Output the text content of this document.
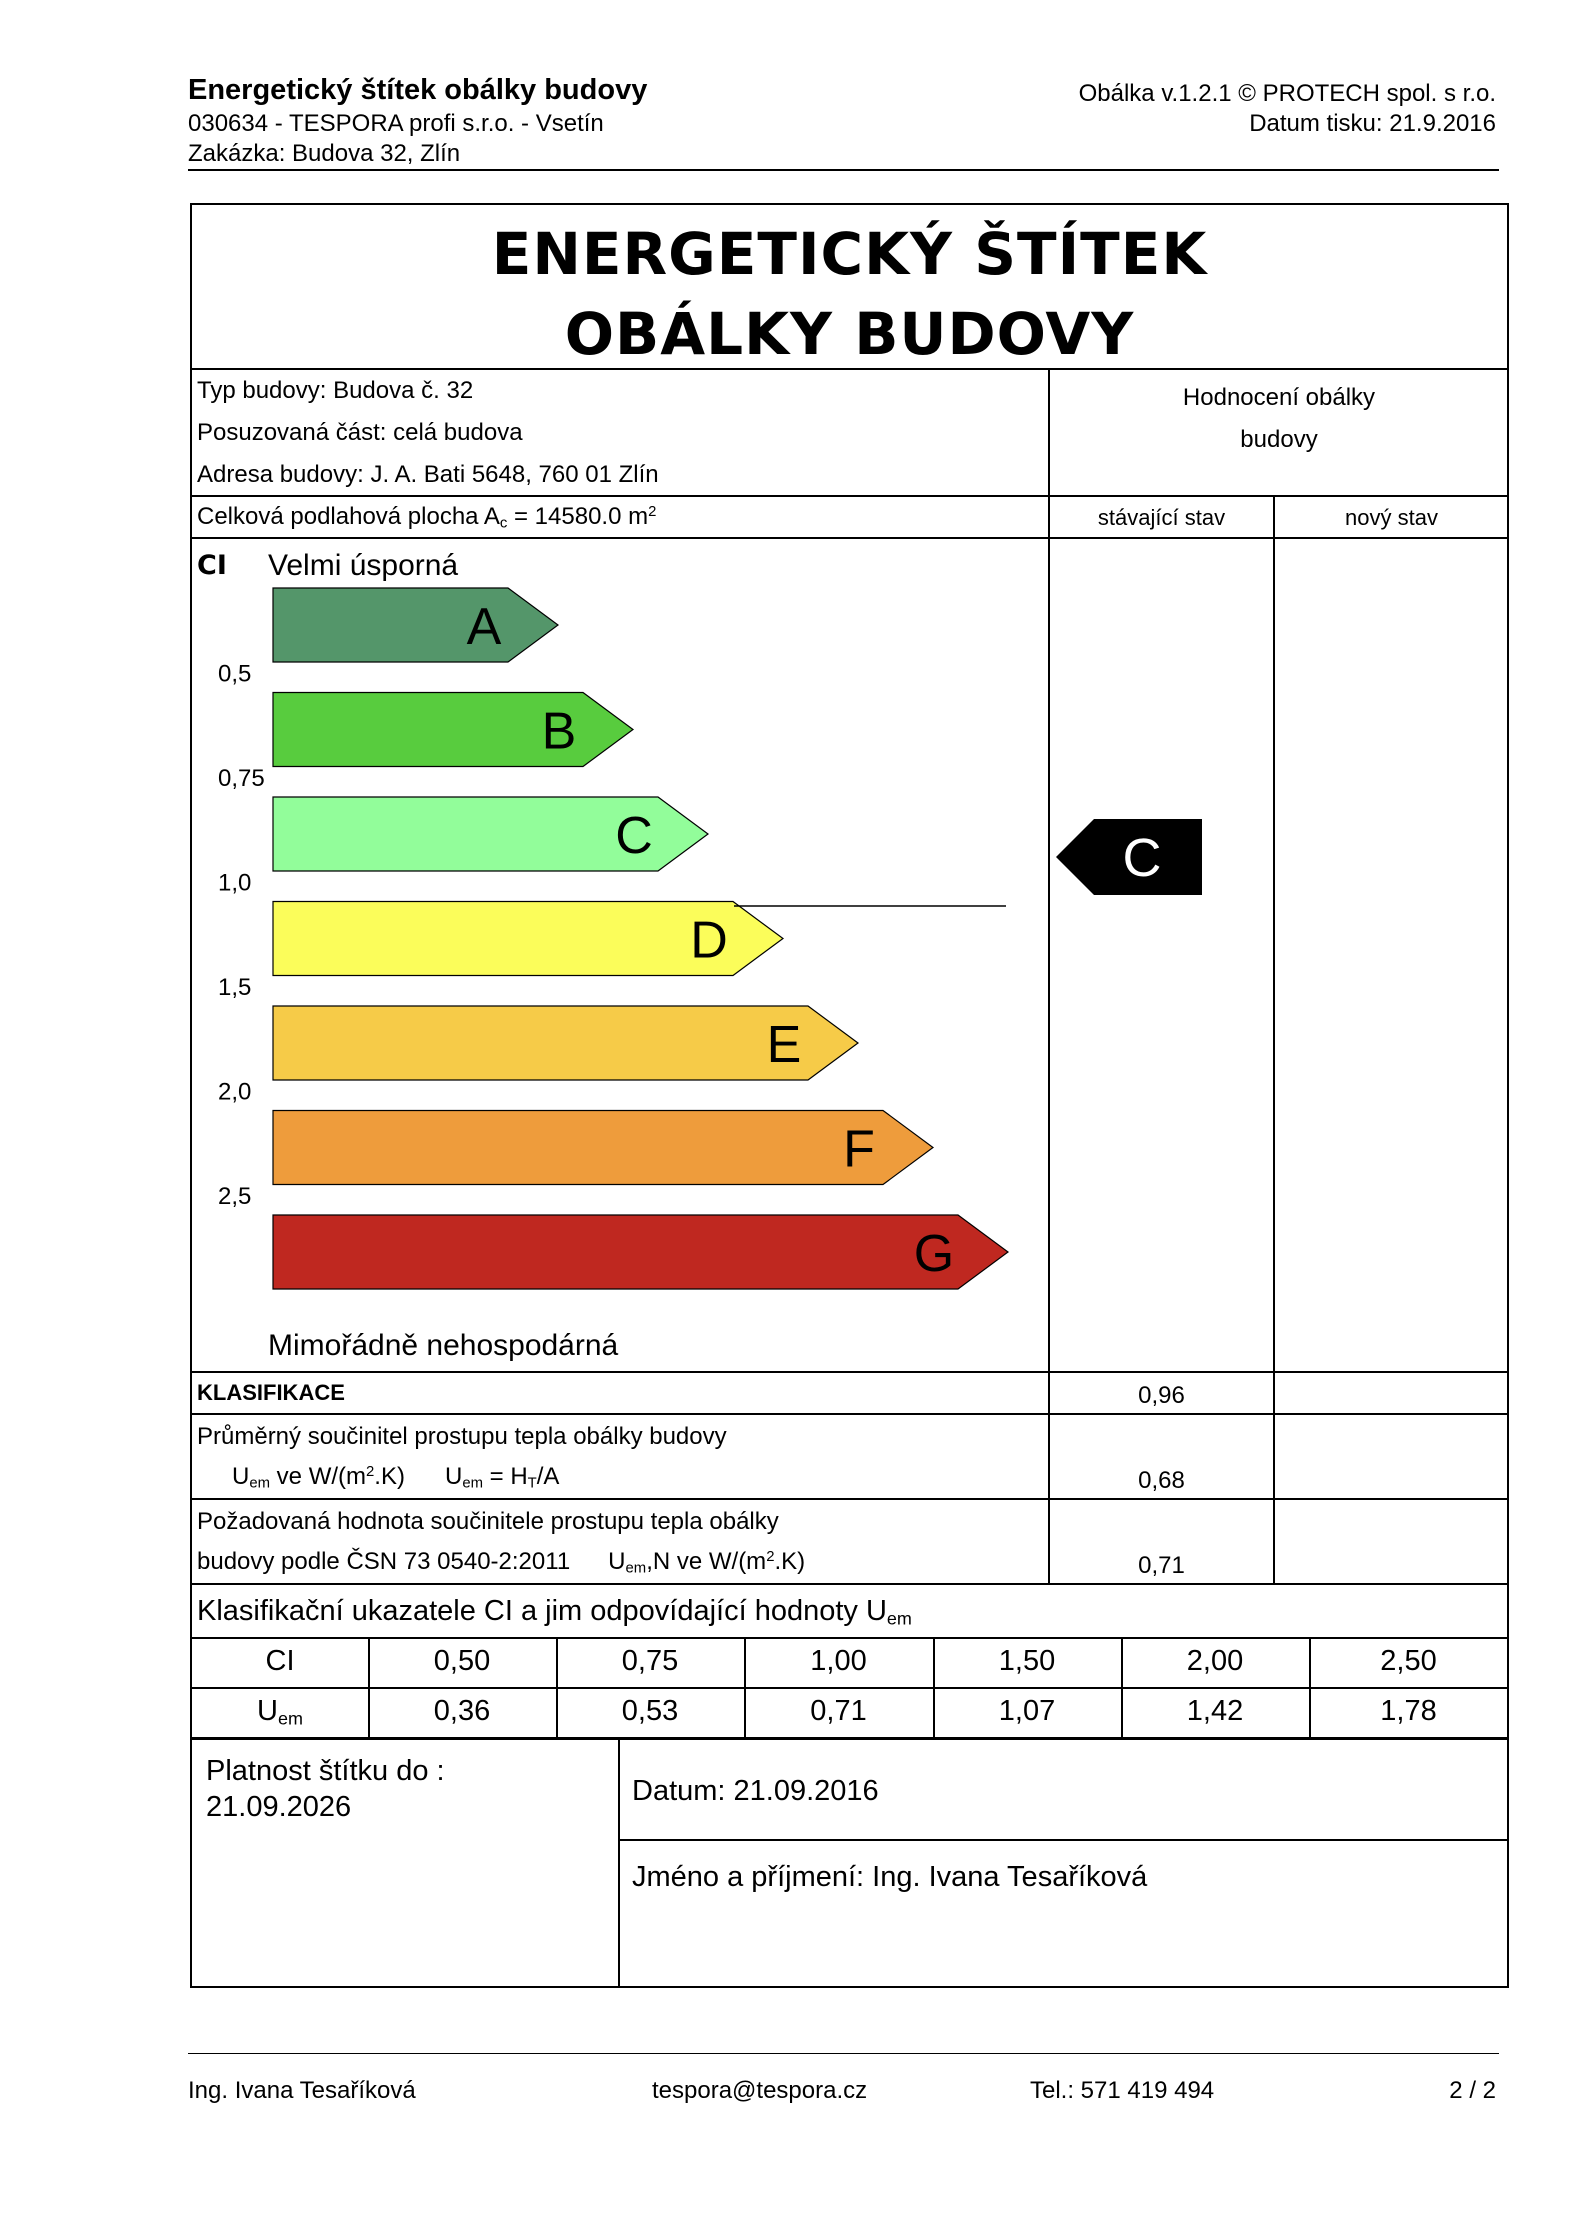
Energetický štítek obálky budovy
030634 - TESPORA profi s.r.o. - Vsetín
Zakázka: Budova 32, Zlín
Obálka v.1.2.1 © PROTECH spol. s r.o.
Datum tisku: 21.9.2016
ENERGETICKÝ ŠTÍTEK
OBÁLKY BUDOVY
Typ budovy: Budova č. 32
Posuzovaná část: celá budova
Adresa budovy: J. A. Bati 5648, 760 01 Zlín
Celková podlahová plocha $A_c = 14580.0$ $m^2$
Hodnocení obálky
budovy
stávající stav	nový stav
CI Velmi úsporná
Mimořádně nehospodárná
A
B
C
D
E
F
G
0,5
0,75
1,0
1,5
2,0
2,5
C
KLASIFIKACE	0,96
Průměrný součinitel prostupu tepla obálky budovy
$U_{em}$ ve $W/(m^2.K) U_{em} = H_T/A$	0,68
Požadovaná hodnota součinitele prostupu tepla obálky
budovy podle ČSN 73 0540-2:2011 $U_{em},N$ ve $W/(m^2.K)$	0,71
Klasifikační ukazatele CI a jim odpovídající hodnoty $U_{em}$
Platnost štítku do :
21.09.2026	Datum: 21.09.2016
Jméno a příjmení: Ing. Ivana Tesaříková
CI	0,50	0,75	1,00	1,50	2,00	2,50
$U_{em}$	0,36	0,53	0,71	1,07	1,42	1,78
Ing. Ivana Tesaříková	tespora@tespora.cz	Tel.: 571 419 494	2 / 2
